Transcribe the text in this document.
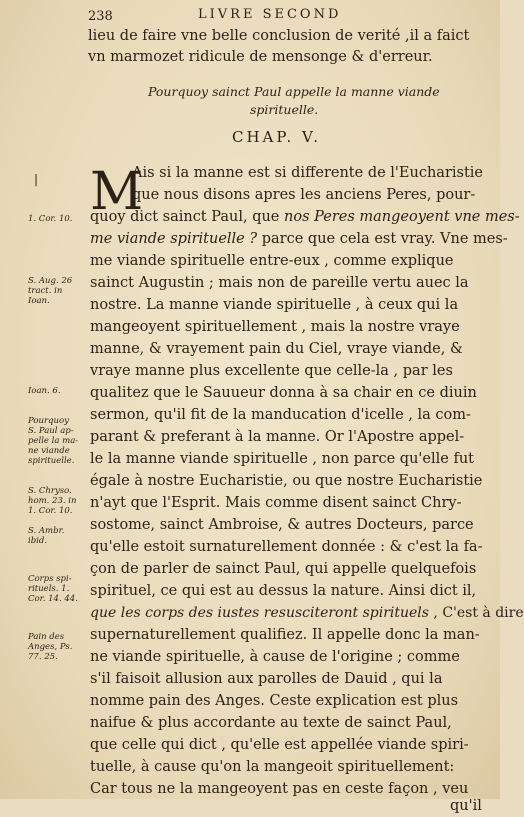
238	LIVRE SECOND
lieu de faire vne belle conclusion de verité ,il a faict
vn marmozet ridicule de mensonge & d'erreur.
Pourquoy sainct Paul appelle la manne viande
spirituelle.
CHAP. V.
| M
Ais si la manne est si differente de l'Eucharistie
que nous disons apres les anciens Peres, pour-
quoy dict sainct Paul, que nos Peres mangeoyent vne mes-
me viande spirituelle ? parce que cela est vray. Vne mes-
me viande spirituelle entre-eux , comme explique
sainct Augustin ; mais non de pareille vertu auec la
nostre. La manne viande spirituelle , à ceux qui la
mangeoyent spirituellement , mais la nostre vraye
manne, & vrayement pain du Ciel, vraye viande, &
vraye manne plus excellente que celle-la , par les
qualitez que le Sauueur donna à sa chair en ce diuin
sermon, qu'il fit de la manducation d'icelle , la com-
parant & preferant à la manne. Or l'Apostre appel-
le la manne viande spirituelle , non parce qu'elle fut
égale à nostre Eucharistie, ou que nostre Eucharistie
n'ayt que l'Esprit. Mais comme disent sainct Chry-
sostome, sainct Ambroise, & autres Docteurs, parce
qu'elle estoit surnaturellement donnée : & c'est la fa-
çon de parler de sainct Paul, qui appelle quelquefois
spirituel, ce qui est au dessus la nature. Ainsi dict il,
que les corps des iustes resusciteront spirituels , C'est à dire
supernaturellement qualifiez. Il appelle donc la man-
ne viande spirituelle, à cause de l'origine ; comme
s'il faisoit allusion aux parolles de Dauid , qui la
nomme pain des Anges. Ceste explication est plus
naifue & plus accordante au texte de sainct Paul,
que celle qui dict , qu'elle est appellée viande spiri-
tuelle, à cause qu'on la mangeoit spirituellement:
Car tous ne la mangeoyent pas en ceste façon , veu
qu'il
1. Cor. 10.
S. Aug. 26
tract. in
Ioan.
Ioan. 6.
Pourquoy
S. Paul ap-
pelle la ma-
ne viande
spirituelle.
S. Chryso.
hom. 23. in
1. Cor. 10.
S. Ambr.
ibid.
Corps spi-
rituels. 1.
Cor. 14. 44.
Pain des
Anges, Ps.
77. 25.
